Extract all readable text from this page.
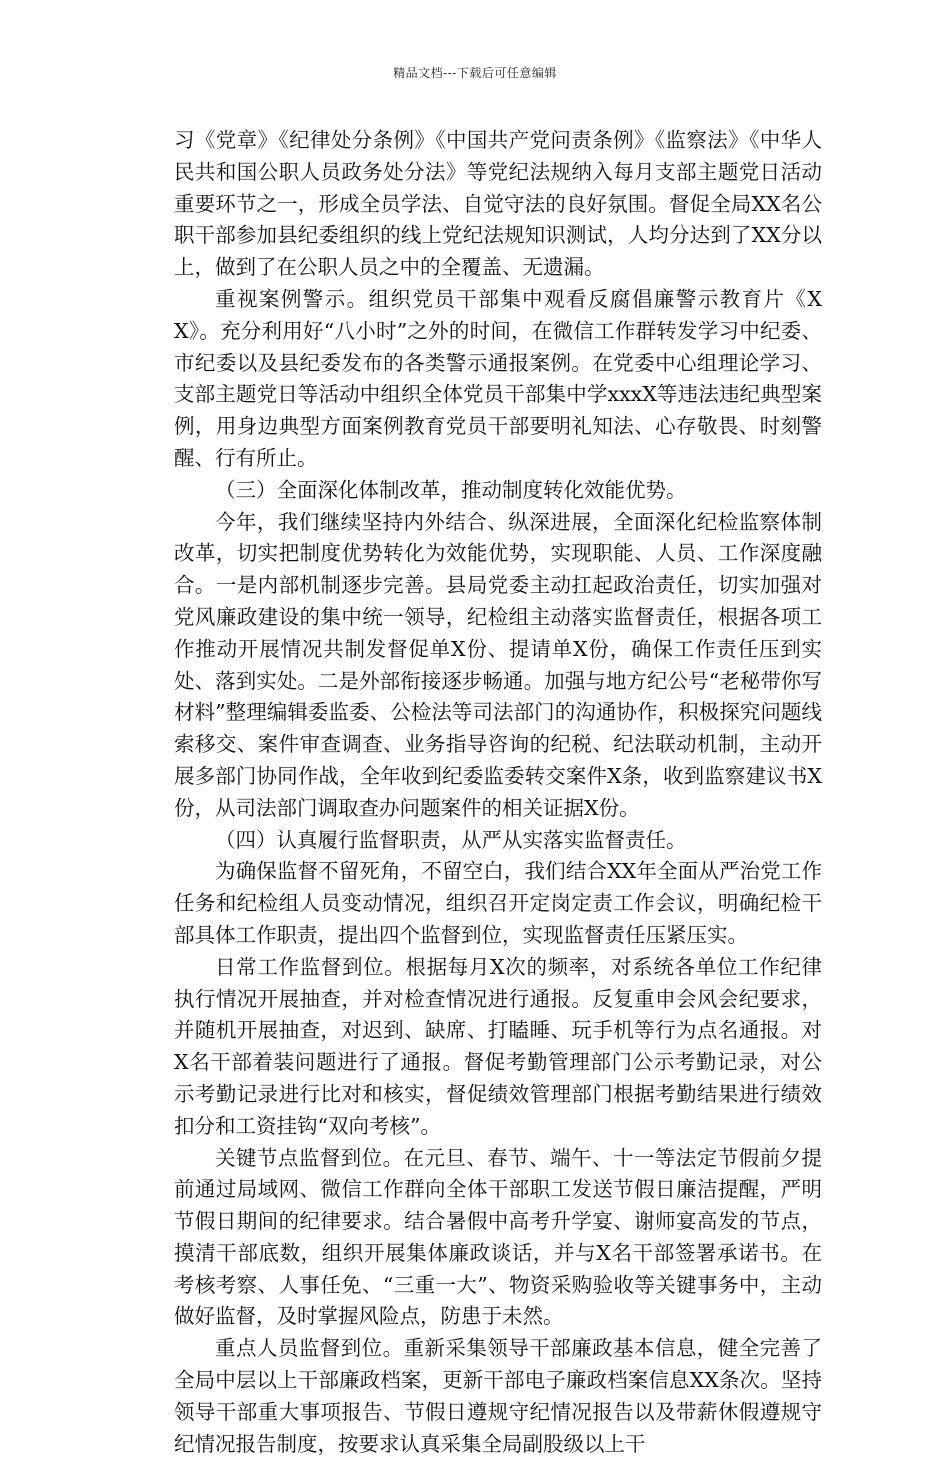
精品文档---下载后可任意编辑

习《党章》《纪律处分条例》《中国共产党问责条例》《监察法》《中华人民共和国公职人员政务处分法》等党纪法规纳入每月支部主题党日活动重要环节之一，形成全员学法、自觉守法的良好氛围。督促全局XX名公职干部参加县纪委组织的线上党纪法规知识测试，人均分达到了XX分以上，做到了在公职人员之中的全覆盖、无遗漏。

重视案例警示。组织党员干部集中观看反腐倡廉警示教育片《XX》。充分利用好“八小时”之外的时间，在微信工作群转发学习中纪委、市纪委以及县纪委发布的各类警示通报案例。在党委中心组理论学习、支部主题党日等活动中组织全体党员干部集中学xxxX等违法违纪典型案例，用身边典型方面案例教育党员干部要明礼知法、心存敬畏、时刻警醒、行有所止。

（三）全面深化体制改革，推动制度转化效能优势。

今年，我们继续坚持内外结合、纵深进展，全面深化纪检监察体制改革，切实把制度优势转化为效能优势，实现职能、人员、工作深度融合。一是内部机制逐步完善。县局党委主动扛起政治责任，切实加强对党风廉政建设的集中统一领导，纪检组主动落实监督责任，根据各项工作推动开展情况共制发督促单X份、提请单X份，确保工作责任压到实处、落到实处。二是外部衔接逐步畅通。加强与地方纪公号“老秘带你写材料”整理编辑委监委、公检法等司法部门的沟通协作，积极探究问题线索移交、案件审查调查、业务指导咨询的纪税、纪法联动机制，主动开展多部门协同作战，全年收到纪委监委转交案件X条，收到监察建议书X份，从司法部门调取查办问题案件的相关证据X份。

（四）认真履行监督职责，从严从实落实监督责任。

为确保监督不留死角，不留空白，我们结合XX年全面从严治党工作任务和纪检组人员变动情况，组织召开定岗定责工作会议，明确纪检干部具体工作职责，提出四个监督到位，实现监督责任压紧压实。

日常工作监督到位。根据每月X次的频率，对系统各单位工作纪律执行情况开展抽查，并对检查情况进行通报。反复重申会风会纪要求，并随机开展抽查，对迟到、缺席、打瞌睡、玩手机等行为点名通报。对X名干部着装问题进行了通报。督促考勤管理部门公示考勤记录，对公示考勤记录进行比对和核实，督促绩效管理部门根据考勤结果进行绩效扣分和工资挂钩“双向考核”。

关键节点监督到位。在元旦、春节、端午、十一等法定节假前夕提前通过局域网、微信工作群向全体干部职工发送节假日廉洁提醒，严明节假日期间的纪律要求。结合暑假中高考升学宴、谢师宴高发的节点，摸清干部底数，组织开展集体廉政谈话，并与X名干部签署承诺书。在考核考察、人事任免、“三重一大”、物资采购验收等关键事务中，主动做好监督，及时掌握风险点，防患于未然。

重点人员监督到位。重新采集领导干部廉政基本信息，健全完善了全局中层以上干部廉政档案，更新干部电子廉政档案信息XX条次。坚持领导干部重大事项报告、节假日遵规守纪情况报告以及带薪休假遵规守纪情况报告制度，按要求认真采集全局副股级以上干
